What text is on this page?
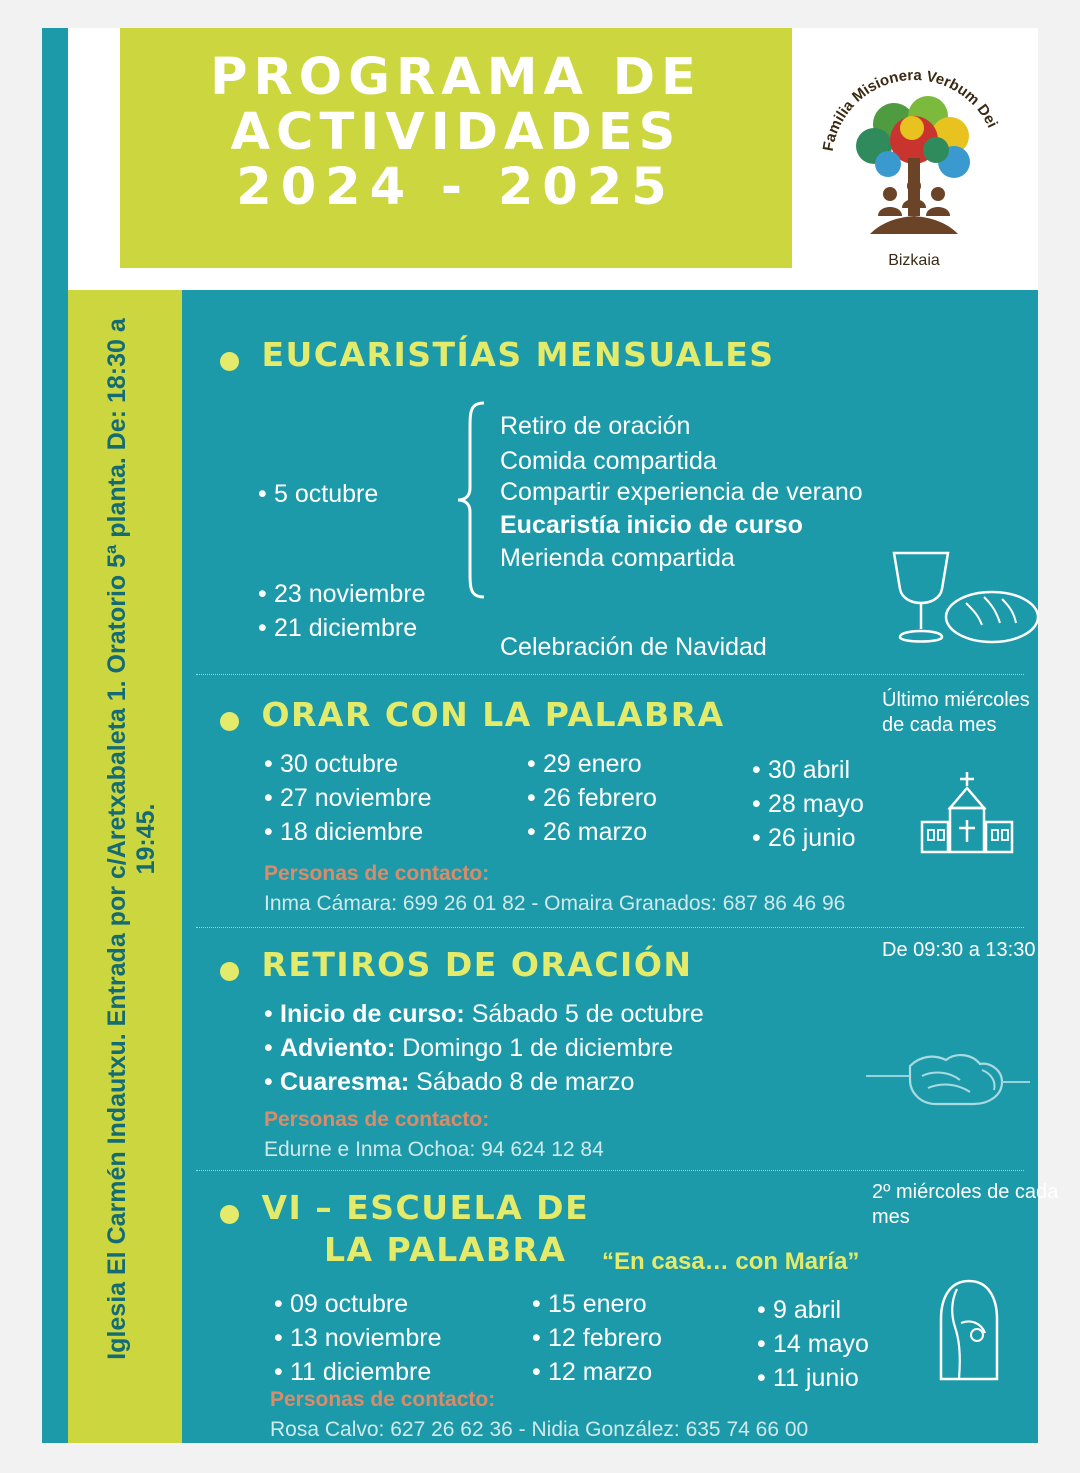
PROGRAMA DE
ACTIVIDADES
2024 - 2025
Familia Misionera Verbum Dei
Bizkaia
Iglesia El Carmén Indautxu. Entrada por c/Aretxabaleta 1. Oratorio 5ª planta. De: 18:30 a 19:45.
EUCARISTÍAS MENSUALES
• 5 octubre
• 23 noviembre
• 21 diciembre
Retiro de oración
Comida compartida
Compartir experiencia de verano
Eucaristía inicio de curso
Merienda compartida
Celebración de Navidad
ORAR CON LA PALABRA	Último miércoles de cada mes
• 30 octubre
• 27 noviembre
• 18 diciembre
• 29 enero
• 26 febrero
• 26 marzo
• 30 abril
• 28 mayo
• 26 junio
Personas de contacto:
Inma Cámara: 699 26 01 82 - Omaira Granados: 687 86 46 96
RETIROS DE ORACIÓN	De 09:30 a 13:30
• Inicio de curso: Sábado 5 de octubre
• Adviento: Domingo 1 de diciembre
• Cuaresma: Sábado 8 de marzo
Personas de contacto:
Edurne e Inma Ochoa: 94 624 12 84
VI – ESCUELA DE
LA PALABRA
2º miércoles de cada mes
“En casa… con María”
• 09 octubre
• 13 noviembre
• 11 diciembre
• 15 enero
• 12 febrero
• 12 marzo
• 9 abril
• 14 mayo
• 11 junio
Personas de contacto:
Rosa Calvo: 627 26 62 36 - Nidia González: 635 74 66 00
